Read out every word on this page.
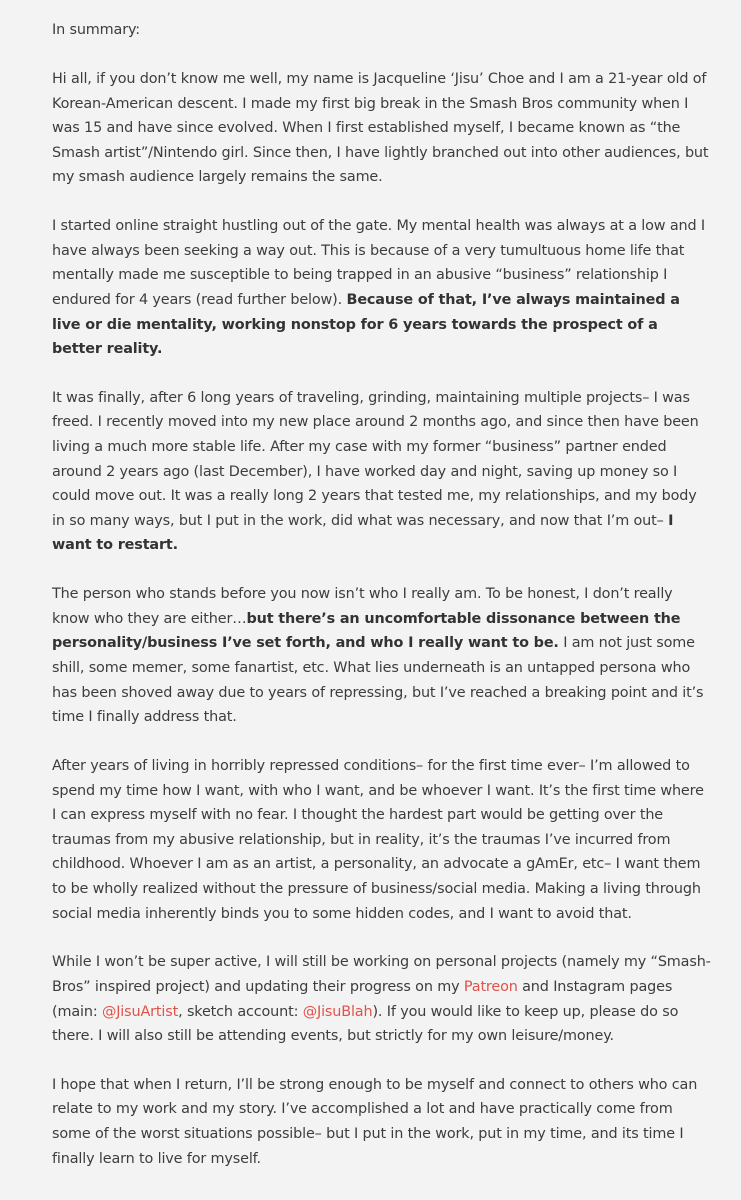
In summary:

Hi all, if you don’t know me well, my name is Jacqueline ‘Jisu’ Choe and I am a 21-year old of Korean-American descent. I made my first big break in the Smash Bros community when I was 15 and have since evolved. When I first established myself, I became known as “the Smash artist”/Nintendo girl. Since then, I have lightly branched out into other audiences, but my smash audience largely remains the same.

I started online straight hustling out of the gate. My mental health was always at a low and I have always been seeking a way out. This is because of a very tumultuous home life that mentally made me susceptible to being trapped in an abusive “business” relationship I endured for 4 years (read further below). Because of that, I’ve always maintained a live or die mentality, working nonstop for 6 years towards the prospect of a better reality.

It was finally, after 6 long years of traveling, grinding, maintaining multiple projects– I was freed. I recently moved into my new place around 2 months ago, and since then have been living a much more stable life. After my case with my former “business” partner ended around 2 years ago (last December), I have worked day and night, saving up money so I could move out. It was a really long 2 years that tested me, my relationships, and my body in so many ways, but I put in the work, did what was necessary, and now that I’m out– I want to restart.

The person who stands before you now isn’t who I really am. To be honest, I don’t really know who they are either…but there’s an uncomfortable dissonance between the personality/business I’ve set forth, and who I really want to be. I am not just some shill, some memer, some fanartist, etc. What lies underneath is an untapped persona who has been shoved away due to years of repressing, but I’ve reached a breaking point and it’s time I finally address that.

After years of living in horribly repressed conditions– for the first time ever– I’m allowed to spend my time how I want, with who I want, and be whoever I want. It’s the first time where I can express myself with no fear. I thought the hardest part would be getting over the traumas from my abusive relationship, but in reality, it’s the traumas I’ve incurred from childhood. Whoever I am as an artist, a personality, an advocate a gAmEr, etc– I want them to be wholly realized without the pressure of business/social media. Making a living through social media inherently binds you to some hidden codes, and I want to avoid that.

While I won’t be super active, I will still be working on personal projects (namely my “Smash-Bros” inspired project) and updating their progress on my Patreon and Instagram pages (main: @JisuArtist, sketch account: @JisuBlah). If you would like to keep up, please do so there. I will also still be attending events, but strictly for my own leisure/money.

I hope that when I return, I’ll be strong enough to be myself and connect to others who can relate to my work and my story. I’ve accomplished a lot and have practically come from some of the worst situations possible– but I put in the work, put in my time, and its time I finally learn to live for myself.
